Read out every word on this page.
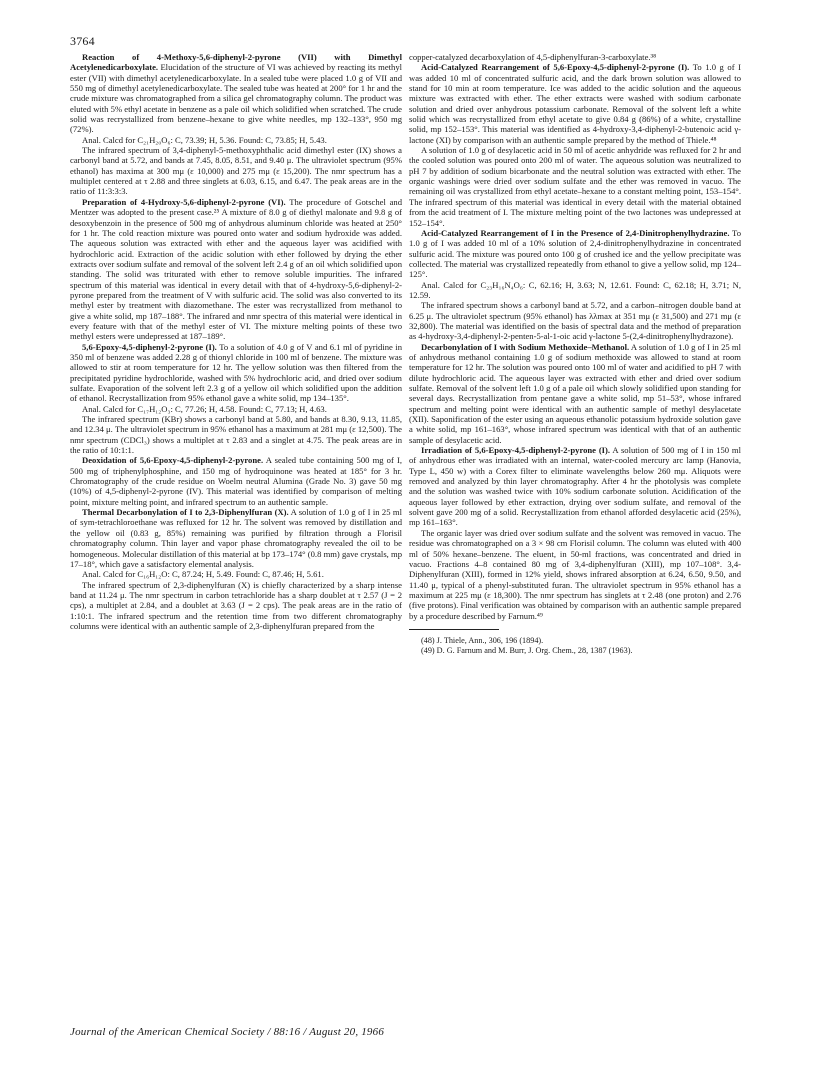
3764

Reaction of 4-Methoxy-5,6-diphenyl-2-pyrone (VII) with Dimethyl Acetylenedicarboxylate. Elucidation of the structure of VI was achieved by reacting its methyl ester (VII) with dimethyl acetylenedicarboxylate. In a sealed tube were placed 1.0 g of VII and 550 mg of dimethyl acetylenedicarboxylate. The sealed tube was heated at 200° for 1 hr and the crude mixture was chromatographed from a silica gel chromatography column. The product was eluted with 5% ethyl acetate in benzene as a pale oil which solidified when scratched. The crude solid was recrystallized from benzene–hexane to give white needles, mp 132–133°, 950 mg (72%).

Anal. Calcd for C₂₁H₂₀O₆: C, 73.39; H, 5.36. Found: C, 73.85; H, 5.43.

The infrared spectrum of 3,4-diphenyl-5-methoxyphthalic acid dimethyl ester (IX) shows a carbonyl band at 5.72, and bands at 7.45, 8.05, 8.51, and 9.40 μ. The ultraviolet spectrum (95% ethanol) has maxima at 300 mμ (ε 10,000) and 275 mμ (ε 15,200). The nmr spectrum has a multiplet centered at τ 2.88 and three singlets at 6.03, 6.15, and 6.47. The peak areas are in the ratio of 11:3:3:3.

Preparation of 4-Hydroxy-5,6-diphenyl-2-pyrone (VI). The procedure of Gotschel and Mentzer was adopted to the present case.²⁵ A mixture of 8.0 g of diethyl malonate and 9.8 g of desoxybenzoin in the presence of 500 mg of anhydrous aluminum chloride was heated at 250° for 1 hr. The cold reaction mixture was poured onto water and sodium hydroxide was added. The aqueous solution was extracted with ether and the aqueous layer was acidified with hydrochloric acid. Extraction of the acidic solution with ether followed by drying the ether extracts over sodium sulfate and removal of the solvent left 2.4 g of an oil which solidified upon standing. The solid was triturated with ether to remove soluble impurities. The infrared spectrum of this material was identical in every detail with that of 4-hydroxy-5,6-diphenyl-2-pyrone prepared from the treatment of V with sulfuric acid. The solid was also converted to its methyl ester by treatment with diazomethane. The ester was recrystallized from methanol to give a white solid, mp 187–188°. The infrared and nmr spectra of this material were identical in every feature with that of the methyl ester of VI. The mixture melting points of these two methyl esters were undepressed at 187–189°.

5,6-Epoxy-4,5-diphenyl-2-pyrone (I). To a solution of 4.0 g of V and 6.1 ml of pyridine in 350 ml of benzene was added 2.28 g of thionyl chloride in 100 ml of benzene. The mixture was allowed to stir at room temperature for 12 hr. The yellow solution was then filtered from the precipitated pyridine hydrochloride, washed with 5% hydrochloric acid, and dried over sodium sulfate. Evaporation of the solvent left 2.3 g of a yellow oil which solidified upon the addition of ethanol. Recrystallization from 95% ethanol gave a white solid, mp 134–135°.

Anal. Calcd for C₁₇H₁₂O₃: C, 77.26; H, 4.58. Found: C, 77.13; H, 4.63.

The infrared spectrum (KBr) shows a carbonyl band at 5.80, and bands at 8.30, 9.13, 11.85, and 12.34 μ. The ultraviolet spectrum in 95% ethanol has a maximum at 281 mμ (ε 12,500). The nmr spectrum (CDCl₃) shows a multiplet at τ 2.83 and a singlet at 4.75. The peak areas are in the ratio of 10:1:1.

Deoxidation of 5,6-Epoxy-4,5-diphenyl-2-pyrone. A sealed tube containing 500 mg of I, 500 mg of triphenylphosphine, and 150 mg of hydroquinone was heated at 185° for 3 hr. Chromatography of the crude residue on Woelm neutral Alumina (Grade No. 3) gave 50 mg (10%) of 4,5-diphenyl-2-pyrone (IV). This material was identified by comparison of melting point, mixture melting point, and infrared spectrum to an authentic sample.

Thermal Decarbonylation of I to 2,3-Diphenylfuran (X). A solution of 1.0 g of I in 25 ml of sym-tetrachloroethane was refluxed for 12 hr. The solvent was removed by distillation and the yellow oil (0.83 g, 85%) remaining was purified by filtration through a Florisil chromatography column. Thin layer and vapor phase chromatography revealed the oil to be homogeneous. Molecular distillation of this material at bp 173–174° (0.8 mm) gave crystals, mp 17–18°, which gave a satisfactory elemental analysis.

Anal. Calcd for C₁₆H₁₂O: C, 87.24; H, 5.49. Found: C, 87.46; H, 5.61.

The infrared spectrum of 2,3-diphenylfuran (X) is chiefly characterized by a sharp intense band at 11.24 μ. The nmr spectrum in carbon tetrachloride has a sharp doublet at τ 2.57 (J = 2 cps), a multiplet at 2.84, and a doublet at 3.63 (J = 2 cps). The peak areas are in the ratio of 1:10:1. The infrared spectrum and the retention time from two different chromatography columns were identical with an authentic sample of 2,3-diphenylfuran prepared from the

copper-catalyzed decarboxylation of 4,5-diphenylfuran-3-carboxylate.³⁸

Acid-Catalyzed Rearrangement of 5,6-Epoxy-4,5-diphenyl-2-pyrone (I). To 1.0 g of I was added 10 ml of concentrated sulfuric acid, and the dark brown solution was allowed to stand for 10 min at room temperature. Ice was added to the acidic solution and the aqueous mixture was extracted with ether. The ether extracts were washed with sodium carbonate solution and dried over anhydrous potassium carbonate. Removal of the solvent left a white solid which was recrystallized from ethyl acetate to give 0.84 g (86%) of a white, crystalline solid, mp 152–153°. This material was identified as 4-hydroxy-3,4-diphenyl-2-butenoic acid γ-lactone (XI) by comparison with an authentic sample prepared by the method of Thiele.⁴⁸

A solution of 1.0 g of desylacetic acid in 50 ml of acetic anhydride was refluxed for 2 hr and the cooled solution was poured onto 200 ml of water. The aqueous solution was neutralized to pH 7 by addition of sodium bicarbonate and the neutral solution was extracted with ether. The organic washings were dried over sodium sulfate and the ether was removed in vacuo. The remaining oil was crystallized from ethyl acetate–hexane to a constant melting point, 153–154°. The infrared spectrum of this material was identical in every detail with the material obtained from the acid treatment of I. The mixture melting point of the two lactones was undepressed at 152–154°.

Acid-Catalyzed Rearrangement of I in the Presence of 2,4-Dinitrophenylhydrazine. To 1.0 g of I was added 10 ml of a 10% solution of 2,4-dinitrophenylhydrazine in concentrated sulfuric acid. The mixture was poured onto 100 g of crushed ice and the yellow precipitate was collected. The material was crystallized repeatedly from ethanol to give a yellow solid, mp 124–125°.

Anal. Calcd for C₂₃H₁₆N₄O₆: C, 62.16; H, 3.63; N, 12.61. Found: C, 62.18; H, 3.71; N, 12.59.

The infrared spectrum shows a carbonyl band at 5.72, and a carbon–nitrogen double band at 6.25 μ. The ultraviolet spectrum (95% ethanol) has λλmax at 351 mμ (ε 31,500) and 271 mμ (ε 32,800). The material was identified on the basis of spectral data and the method of preparation as 4-hydroxy-3,4-diphenyl-2-penten-5-al-1-oic acid γ-lactone 5-(2,4-dinitrophenylhydrazone).

Decarbonylation of I with Sodium Methoxide–Methanol. A solution of 1.0 g of I in 25 ml of anhydrous methanol containing 1.0 g of sodium methoxide was allowed to stand at room temperature for 12 hr. The solution was poured onto 100 ml of water and acidified to pH 7 with dilute hydrochloric acid. The aqueous layer was extracted with ether and dried over sodium sulfate. Removal of the solvent left 1.0 g of a pale oil which slowly solidified upon standing for several days. Recrystallization from pentane gave a white solid, mp 51–53°, whose infrared spectrum and melting point were identical with an authentic sample of methyl desylacetate (XII). Saponification of the ester using an aqueous ethanolic potassium hydroxide solution gave a white solid, mp 161–163°, whose infrared spectrum was identical with that of an authentic sample of desylacetic acid.

Irradiation of 5,6-Epoxy-4,5-diphenyl-2-pyrone (I). A solution of 500 mg of I in 150 ml of anhydrous ether was irradiated with an internal, water-cooled mercury arc lamp (Hanovia, Type L, 450 w) with a Corex filter to eliminate wavelengths below 260 mμ. Aliquots were removed and analyzed by thin layer chromatography. After 4 hr the photolysis was complete and the solution was washed twice with 10% sodium carbonate solution. Acidification of the aqueous layer followed by ether extraction, drying over sodium sulfate, and removal of the solvent gave 200 mg of a solid. Recrystallization from ethanol afforded desylacetic acid (25%), mp 161–163°.

The organic layer was dried over sodium sulfate and the solvent was removed in vacuo. The residue was chromatographed on a 3 × 98 cm Florisil column. The column was eluted with 400 ml of 50% hexane–benzene. The eluent, in 50-ml fractions, was concentrated and dried in vacuo. Fractions 4–8 contained 80 mg of 3,4-diphenylfuran (XIII), mp 107–108°. 3,4-Diphenylfuran (XIII), formed in 12% yield, shows infrared absorption at 6.24, 6.50, 9.50, and 11.40 μ, typical of a phenyl-substituted furan. The ultraviolet spectrum in 95% ethanol has a maximum at 225 mμ (ε 18,300). The nmr spectrum has singlets at τ 2.48 (one proton) and 2.76 (five protons). Final verification was obtained by comparison with an authentic sample prepared by a procedure described by Farnum.⁴⁹

(48) J. Thiele, Ann., 306, 196 (1894).
(49) D. G. Farnum and M. Burr, J. Org. Chem., 28, 1387 (1963).
Journal of the American Chemical Society / 88:16 / August 20, 1966
